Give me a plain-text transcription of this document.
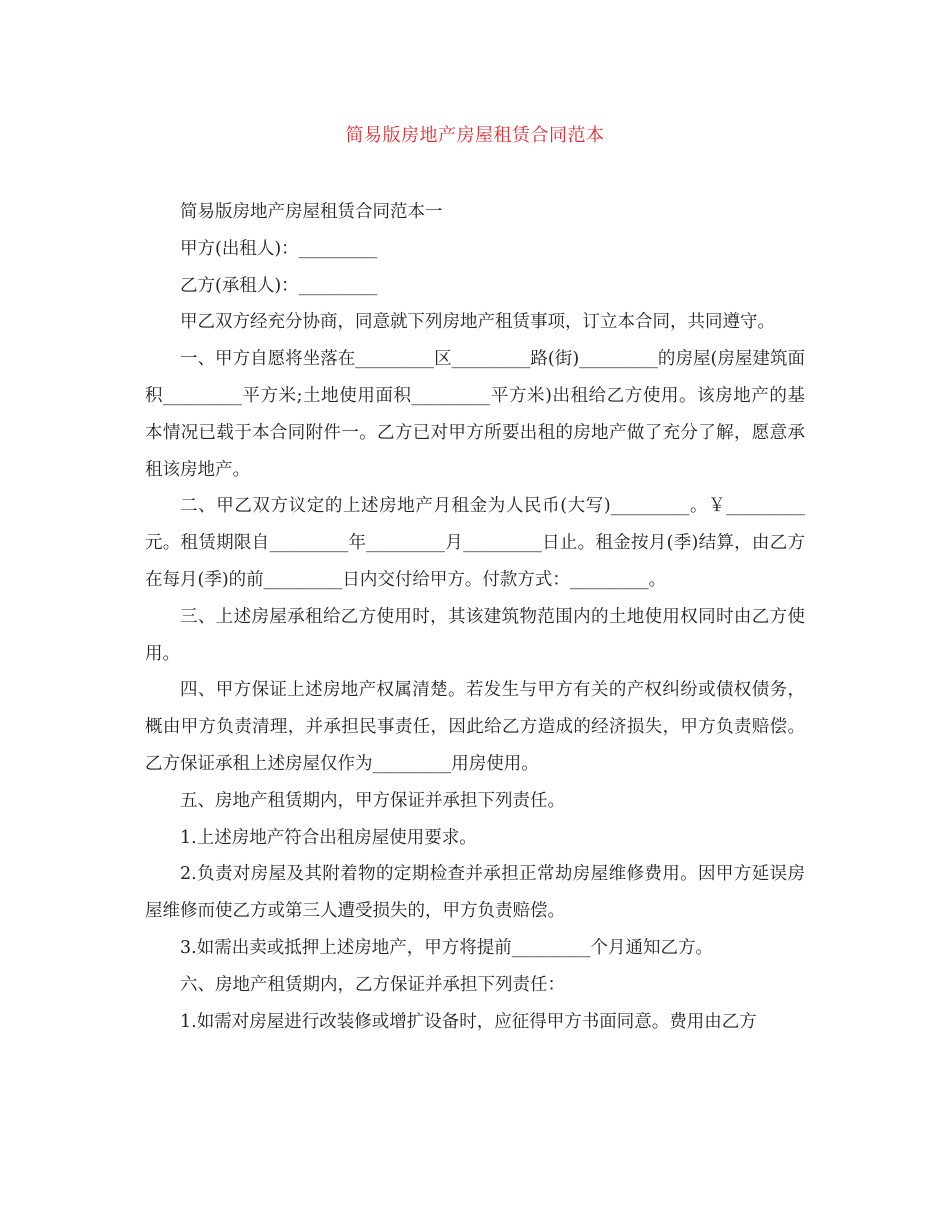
简易版房地产房屋租赁合同范本

简易版房地产房屋租赁合同范本一

甲方(出租人)：_________

乙方(承租人)：_________

甲乙双方经充分协商，同意就下列房地产租赁事项，订立本合同，共同遵守。

一、甲方自愿将坐落在_________区_________路(街)_________的房屋(房屋建筑面积_________平方米;土地使用面积_________平方米)出租给乙方使用。该房地产的基本情况已载于本合同附件一。乙方已对甲方所要出租的房地产做了充分了解，愿意承租该房地产。

二、甲乙双方议定的上述房地产月租金为人民币(大写)_________。￥_________元。租赁期限自_________年_________月_________日止。租金按月(季)结算，由乙方在每月(季)的前_________日内交付给甲方。付款方式：_________。

三、上述房屋承租给乙方使用时，其该建筑物范围内的土地使用权同时由乙方使用。

四、甲方保证上述房地产权属清楚。若发生与甲方有关的产权纠纷或债权债务，概由甲方负责清理，并承担民事责任，因此给乙方造成的经济损失，甲方负责赔偿。乙方保证承租上述房屋仅作为_________用房使用。

五、房地产租赁期内，甲方保证并承担下列责任。

1.上述房地产符合出租房屋使用要求。

2.负责对房屋及其附着物的定期检查并承担正常劫房屋维修费用。因甲方延误房屋维修而使乙方或第三人遭受损失的，甲方负责赔偿。

3.如需出卖或抵押上述房地产，甲方将提前_________个月通知乙方。

六、房地产租赁期内，乙方保证并承担下列责任：

1.如需对房屋进行改装修或增扩设备时，应征得甲方书面同意。费用由乙方
